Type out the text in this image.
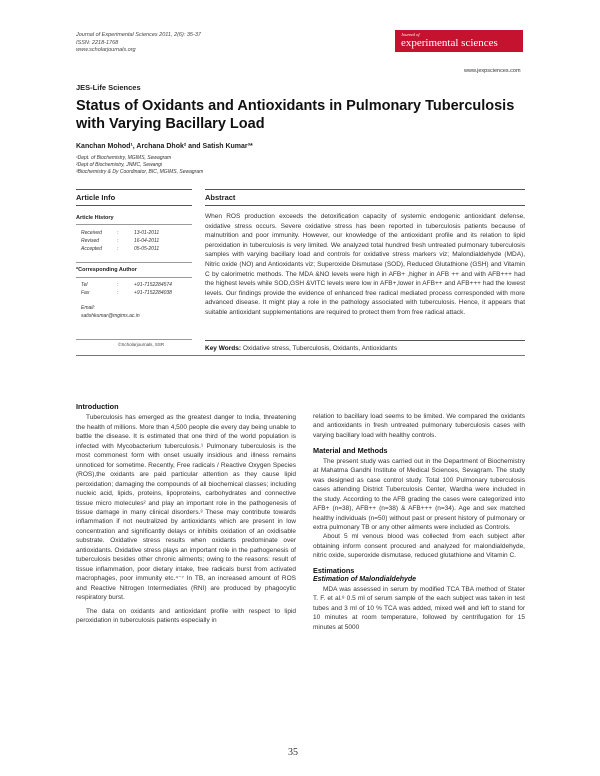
Journal of Experimental Sciences 2011, 2(6): 35-37
ISSN: 2218-1768
www.scholarjournals.org
Journal of
experimental sciences
www.jexpsciences.com
JES-Life Sciences
Status of Oxidants and Antioxidants in Pulmonary Tuberculosis with Varying Bacillary Load
Kanchan Mohod¹, Archana Dhok² and Satish Kumar³*
¹Dept. of Biochemistry, MGIMS, Sewagram
²Dept of Biochemistry, JNMC, Sewangi
³Biochemistry & Dy Coordinator, BIC, MGIMS, Sewagram
Article Info	Abstract
Article History
Received	:	13-01-2011
Revised	:	16-04-2011
Accepted	:	05-05-2011
*Corresponding Author
Tel	:	+91-7152284574
Fax	:	+91-7152284038
Email:
satishkumar@mgims.ac.in
©Scholarjournals, SSR
When ROS production exceeds the detoxification capacity of systemic endogenic antioxidant defense, oxidative stress occurs. Severe oxidative stress has been reported in tuberculosis patients because of malnutrition and poor immunity. However, our knowledge of the antioxidant profile and its relation to lipid peroxidation in tuberculosis is very limited. We analyzed total hundred fresh untreated pulmonary tuberculosis samples with varying bacillary load and controls for oxidative stress markers viz; Malondialdehyde (MDA), Nitric oxide (NO) and Antioxidants viz; Superoxide Dismutase (SOD), Reduced Glutathione (GSH) and Vitamin C by calorimetric methods. The MDA &NO levels were high in AFB+ ,higher in AFB ++ and with AFB+++ had the highest levels while SOD,GSH &VITC levels were low in AFB+,lower in AFB++ and AFB+++ had the lowest levels. Our findings provide the evidence of enhanced free radical mediated process corresponded with more advanced disease. It might play a role in the pathology associated with tuberculosis. Hence, it appears that suitable antioxidant supplementations are required to protect them from free radical attack.
Key Words: Oxidative stress, Tuberculosis, Oxidants, Antioxidants
Introduction

Tuberculosis has emerged as the greatest danger to India, threatening the health of millions. More than 4,500 people die every day being unable to battle the disease. It is estimated that one third of the world population is infected with Mycobacterium tuberculosis.¹ Pulmonary tuberculosis is the most commonest form with onset usually insidious and illness remains unnoticed for sometime. Recently, Free radicals / Reactive Oxygen Species (ROS),the oxidants are paid particular attention as they cause lipid peroxidation; damaging the compounds of all biochemical classes; including nucleic acid, lipids, proteins, lipoproteins, carbohydrates and connective tissue micro molecules² and play an important role in the pathogenesis of tissue damage in many clinical disorders.³ These may contribute towards inflammation if not neutralized by antioxidants which are present in low concentration and significantly delays or inhibits oxidation of an oxidisable substrate. Oxidative stress results when oxidants predominate over antioxidants. Oxidative stress plays an important role in the pathogenesis of tuberculosis besides other chronic ailments; owing to the reasons: result of tissue inflammation, poor dietary intake, free radicals burst from activated macrophages, poor immunity etc.⁴⁻⁷ In TB, an increased amount of ROS and Reactive Nitrogen Intermediates (RNI) are produced by phagocytic respiratory burst.

The data on oxidants and antioxidant profile with respect to lipid peroxidation in tuberculosis patients especially in

relation to bacillary load seems to be limited. We compared the oxidants and antioxidants in fresh untreated pulmonary tuberculosis cases with varying bacillary load with healthy controls.

Material and Methods

The present study was carried out in the Department of Biochemistry at Mahatma Gandhi Institute of Medical Sciences, Sevagram. The study was designed as case control study. Total 100 Pulmonary tuberculosis cases attending District Tuberculosis Center, Wardha were included in the study. According to the AFB grading the cases were categorized into AFB+ (n=38), AFB++ (n=38) & AFB+++ (n=34). Age and sex matched healthy individuals (n=50) without past or present history of pulmonary or extra pulmonary TB or any other ailments were included as Controls.

About 5 ml venous blood was collected from each subject after obtaining inform consent procured and analyzed for malondialdehyde, nitric oxide, superoxide dismutase, reduced glutathione and Vitamin C.

Estimations
Estimation of Malondialdehyde

MDA was assessed in serum by modified TCA TBA method of Stater T. F. et al.⁸ 0.5 ml of serum sample of the each subject was taken in test tubes and 3 ml of 10 % TCA was added, mixed well and left to stand for 10 minutes at room temperature, followed by centrifugation for 15 minutes at 5000

35
